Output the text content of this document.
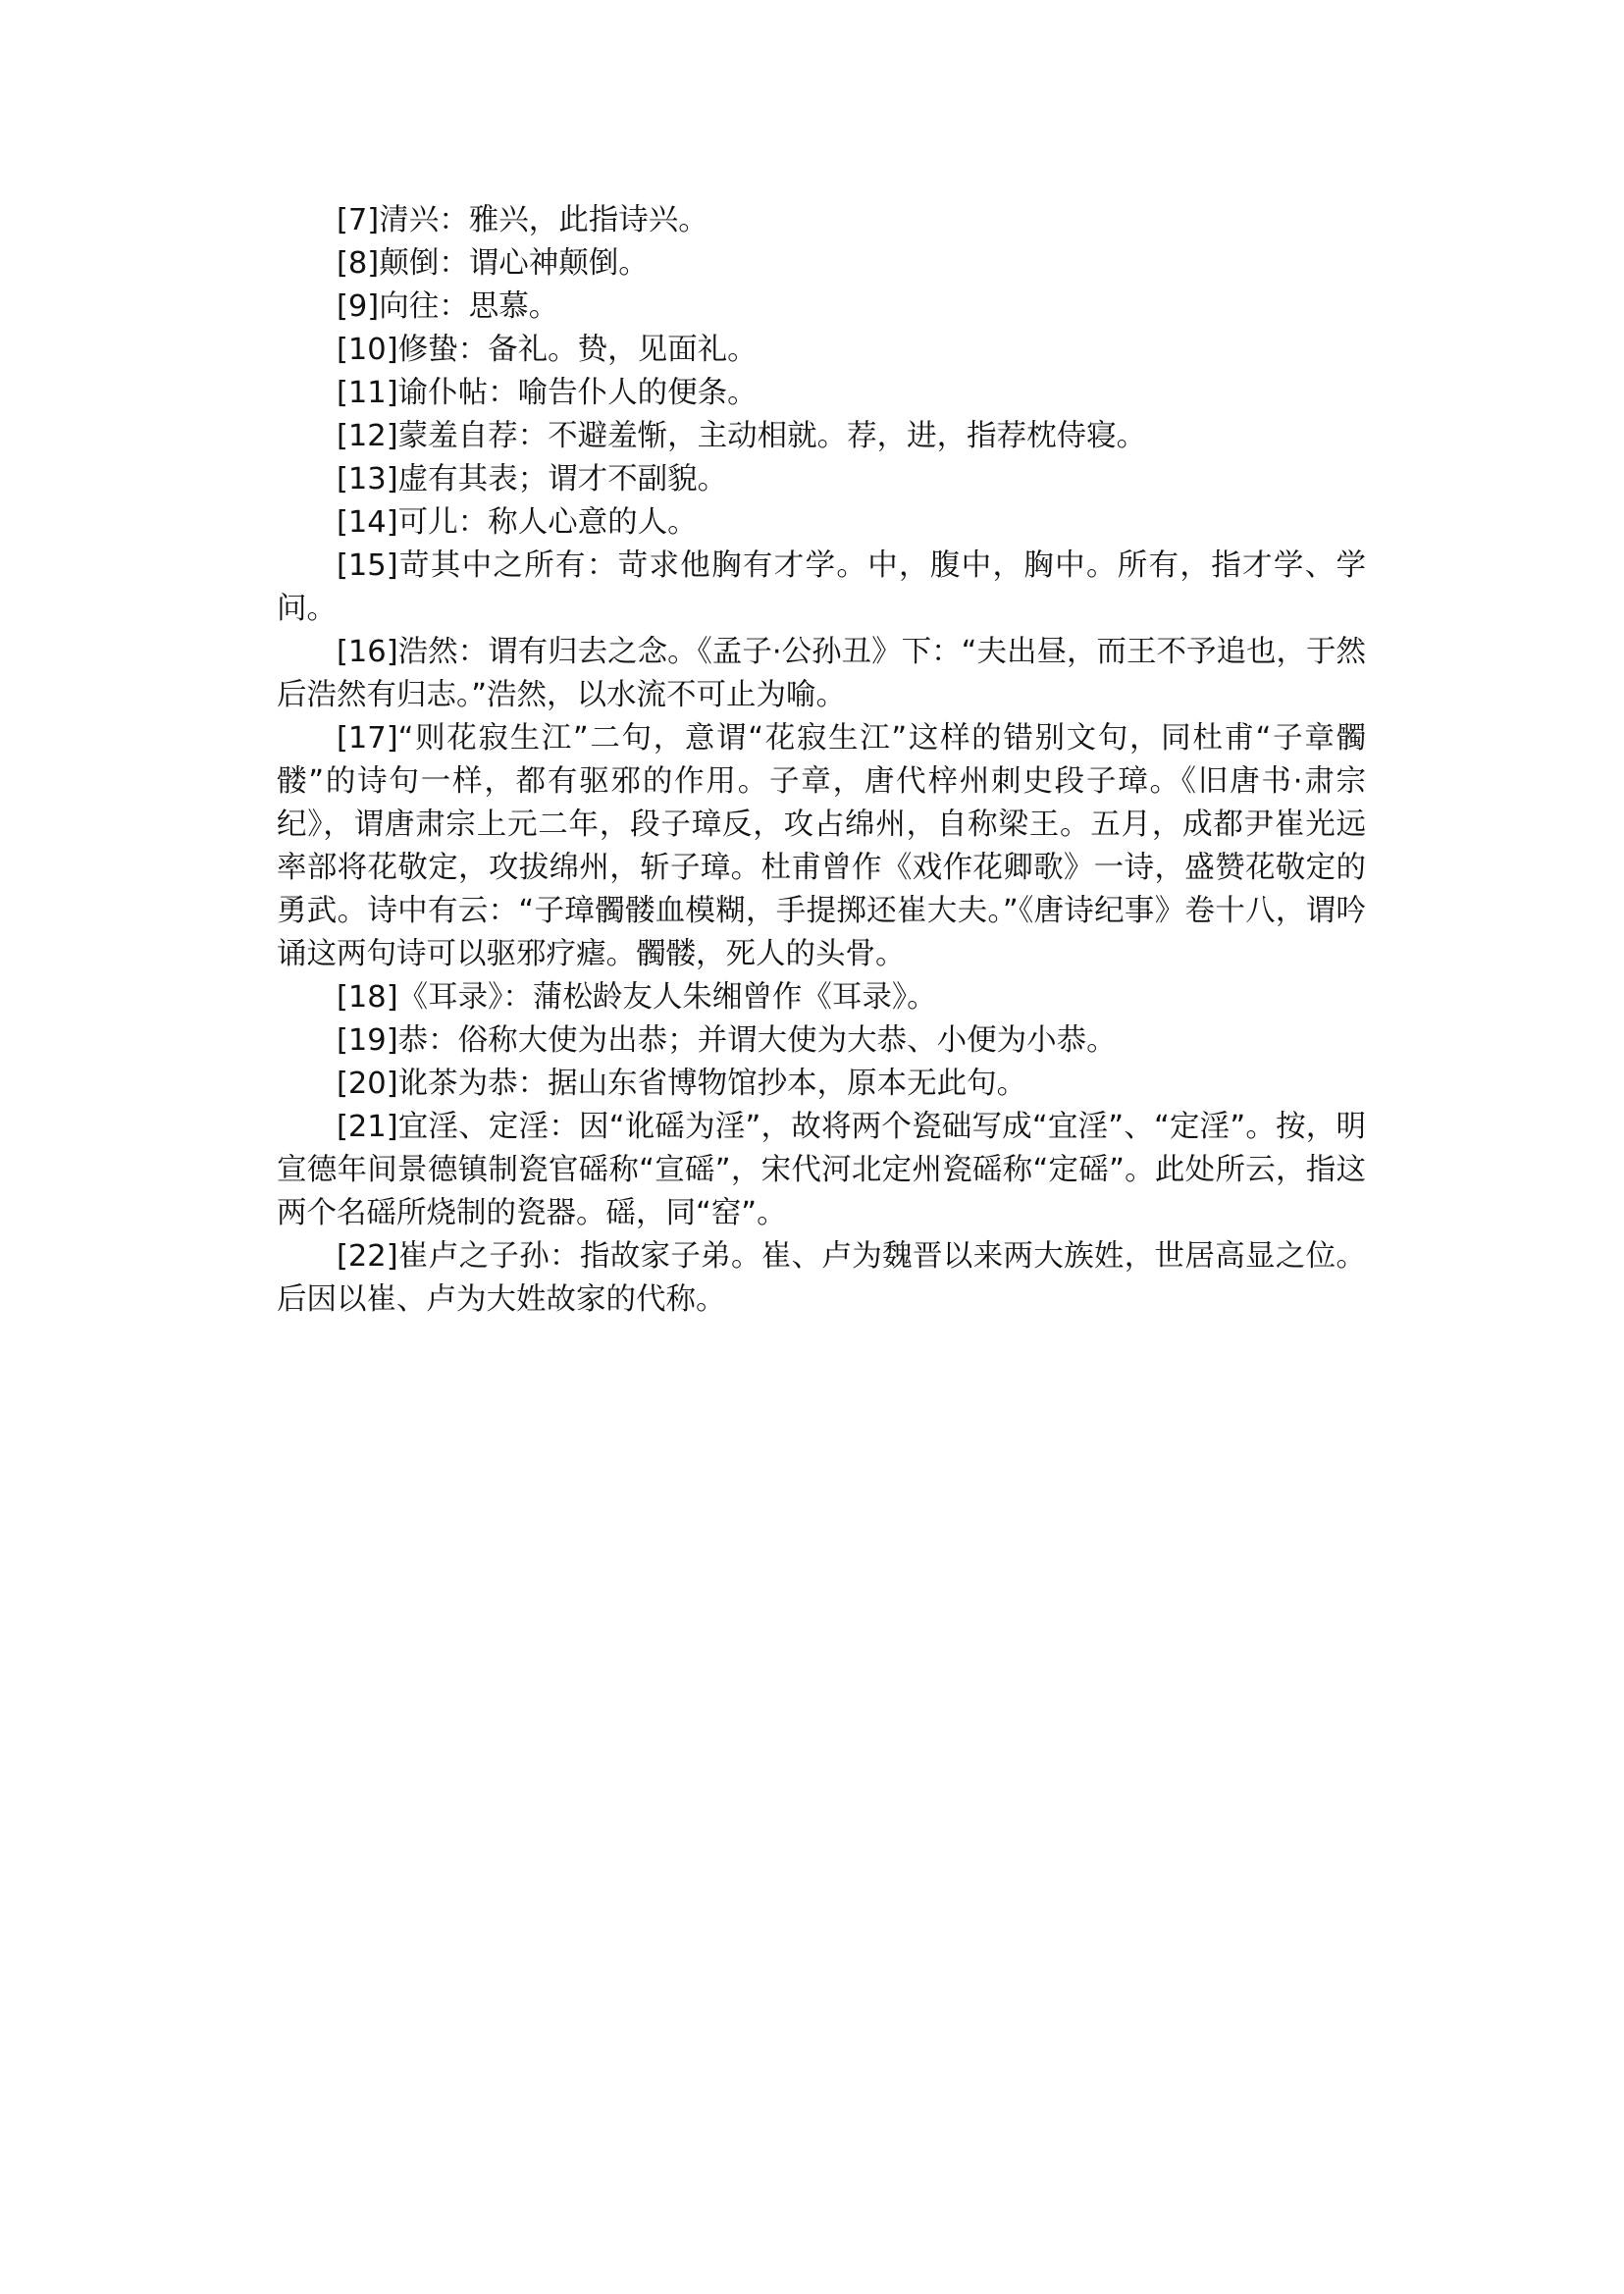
[7]清兴：雅兴，此指诗兴。

[8]颠倒：谓心神颠倒。

[9]向往：思慕。

[10]修蛰：备礼。贽，见面礼。

[11]谕仆帖：喻告仆人的便条。

[12]蒙羞自荐：不避羞惭，主动相就。荐，进，指荐枕侍寝。

[13]虚有其表；谓才不副貌。

[14]可儿：称人心意的人。

[15]苛其中之所有：苛求他胸有才学。中，腹中，胸中。所有，指才学、学问。

[16]浩然：谓有归去之念。《孟子·公孙丑》下：“夫出昼，而王不予追也，于然后浩然有归志。”浩然，以水流不可止为喻。

[17]“则花寂生江”二句，意谓“花寂生江”这样的错别文句，同杜甫“子章髑髅”的诗句一样，都有驱邪的作用。子章，唐代梓州刺史段子璋。《旧唐书·肃宗纪》，谓唐肃宗上元二年，段子璋反，攻占绵州，自称梁王。五月，成都尹崔光远率部将花敬定，攻拔绵州，斩子璋。杜甫曾作《戏作花卿歌》一诗，盛赞花敬定的勇武。诗中有云：“子璋髑髅血模糊，手提掷还崔大夫。”《唐诗纪事》卷十八，谓吟诵这两句诗可以驱邪疗瘧。髑髅，死人的头骨。

[18]《耳录》：蒲松龄友人朱缃曾作《耳录》。

[19]恭：俗称大使为出恭；并谓大使为大恭、小便为小恭。

[20]讹茶为恭：据山东省博物馆抄本，原本无此句。

[21]宜淫、定淫：因“讹磘为淫”，故将两个瓷础写成“宜淫”、“定淫”。按，明宣德年间景德镇制瓷官磘称“宣磘”，宋代河北定州瓷磘称“定磘”。此处所云，指这两个名磘所烧制的瓷器。磘，同“窑”。

[22]崔卢之子孙：指故家子弟。崔、卢为魏晋以来两大族姓，世居高显之位。后因以崔、卢为大姓故家的代称。
